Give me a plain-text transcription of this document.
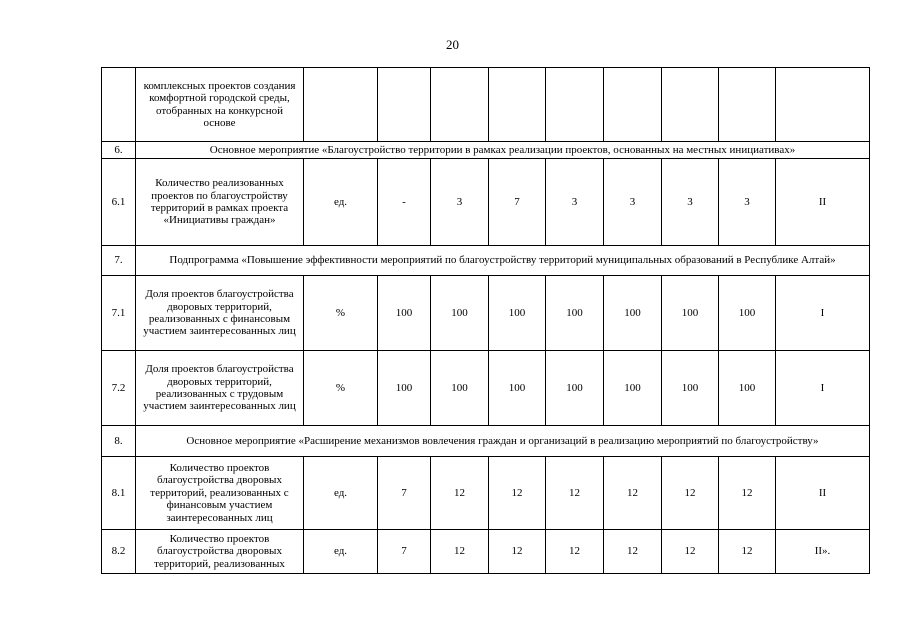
20
	комплексных проектов создания комфортной городской среды, отобранных на конкурсной основе									
6.	Основное мероприятие «Благоустройство территории в рамках реализации проектов, основанных на местных инициативах»									
6.1	Количество реализованных проектов по благоустройству территорий в рамках проекта «Инициативы граждан»	ед.	-	3	7	3	3	3	3	II
7.	Подпрограмма «Повышение эффективности мероприятий по благоустройству территорий муниципальных образований в Республике Алтай»									
7.1	Доля проектов благоустройства дворовых территорий, реализованных с финансовым участием заинтересованных лиц	%	100	100	100	100	100	100	100	I
7.2	Доля проектов благоустройства дворовых территорий, реализованных с трудовым участием заинтересованных лиц	%	100	100	100	100	100	100	100	I
8.	Основное мероприятие «Расширение механизмов вовлечения граждан и организаций в реализацию мероприятий по благоустройству»									
8.1	Количество проектов благоустройства дворовых территорий, реализованных с финансовым участием заинтересованных лиц	ед.	7	12	12	12	12	12	12	II
8.2	Количество проектов благоустройства дворовых территорий, реализованных	ед.	7	12	12	12	12	12	12	II».
